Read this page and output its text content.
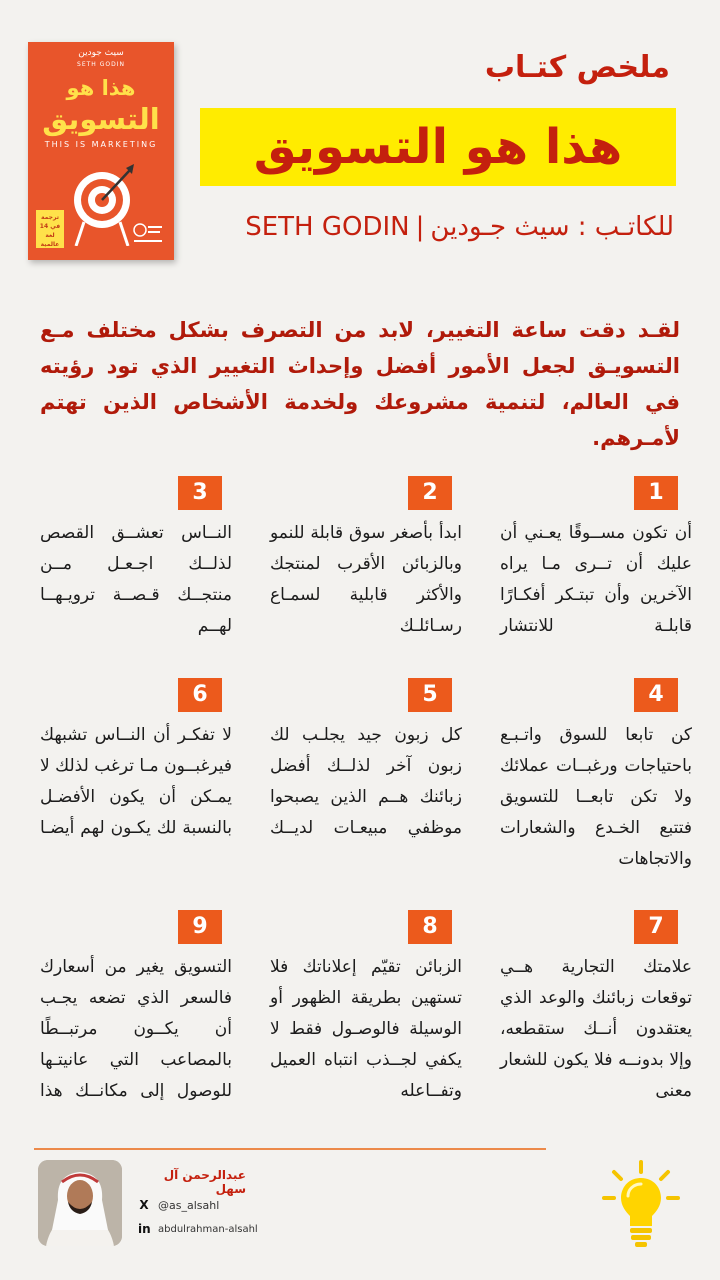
سيث جودين
SETH GODIN
هذا هو
التسويق
THIS IS MARKETING
ترجمة في 14 لغة عالمية
ملخص كتـاب
هذا هو التسويق
للكاتـب : سيث جـودين|SETH GODIN
لقـد دقت ساعة التغيير، لابد من التصرف بشكل مختلف مـع التسويـق لجعل الأمور أفضل وإحداث التغيير الذي تود رؤيته في العالم، لتنمية مشروعك ولخدمة الأشخاص الذين تهتم لأمـرهم.
1
أن تكون مســوقًا يعـني أن عليك أن تــرى مـا يراه الآخرين وأن تبتـكر أفكـارًا قابلـة للانتشار
2
ابدأ بأصغر سوق قابلة للنمو وبالزبائن الأقرب لمنتجك والأكثر قابلية لسمـاع رسـائلـك
3
النــاس تعشــق القصص لذلــك اجـعـل مــن منتجــك قـصــة ترويـهــا لهــم
4
كن تابعا للسوق واتـبـع باحتياجات ورغبــات عملائك ولا تكن تابعــا للتسويق فتتبع الخـدع والشعارات والاتجاهات
5
كل زبون جيد يجلـب لك زبون آخر لذلــك أفضل زبائنك هــم الذين يصبحوا موظفي مبيعـات لديــك
6
لا تفكـر أن النــاس تشبهك فيرغبــون مـا ترغب لذلك لا يمـكن أن يكون الأفضـل بالنسبة لك يكـون لهم أيضـا
7
علامتك التجارية هــي توقعات زبائنك والوعد الذي يعتقدون أنــك ستقطعه، وإلا بدونــه فلا يكون للشعار معنى
8
الزبائن تقيّم إعلاناتك فلا تستهين بطريقة الظهور أو الوسيلة فالوصـول فقط لا يكفي لجــذب انتباه العميل وتفــاعله
9
التسويق يغير من أسعارك فالسعر الذي تضعه يجـب أن يكــون مرتبــطًا بالمصاعب التي عانيتـها للوصول إلى مكانــك هذا
عبدالرحمن آل سهل
X @as_alsahl
in abdulrahman-alsahl
